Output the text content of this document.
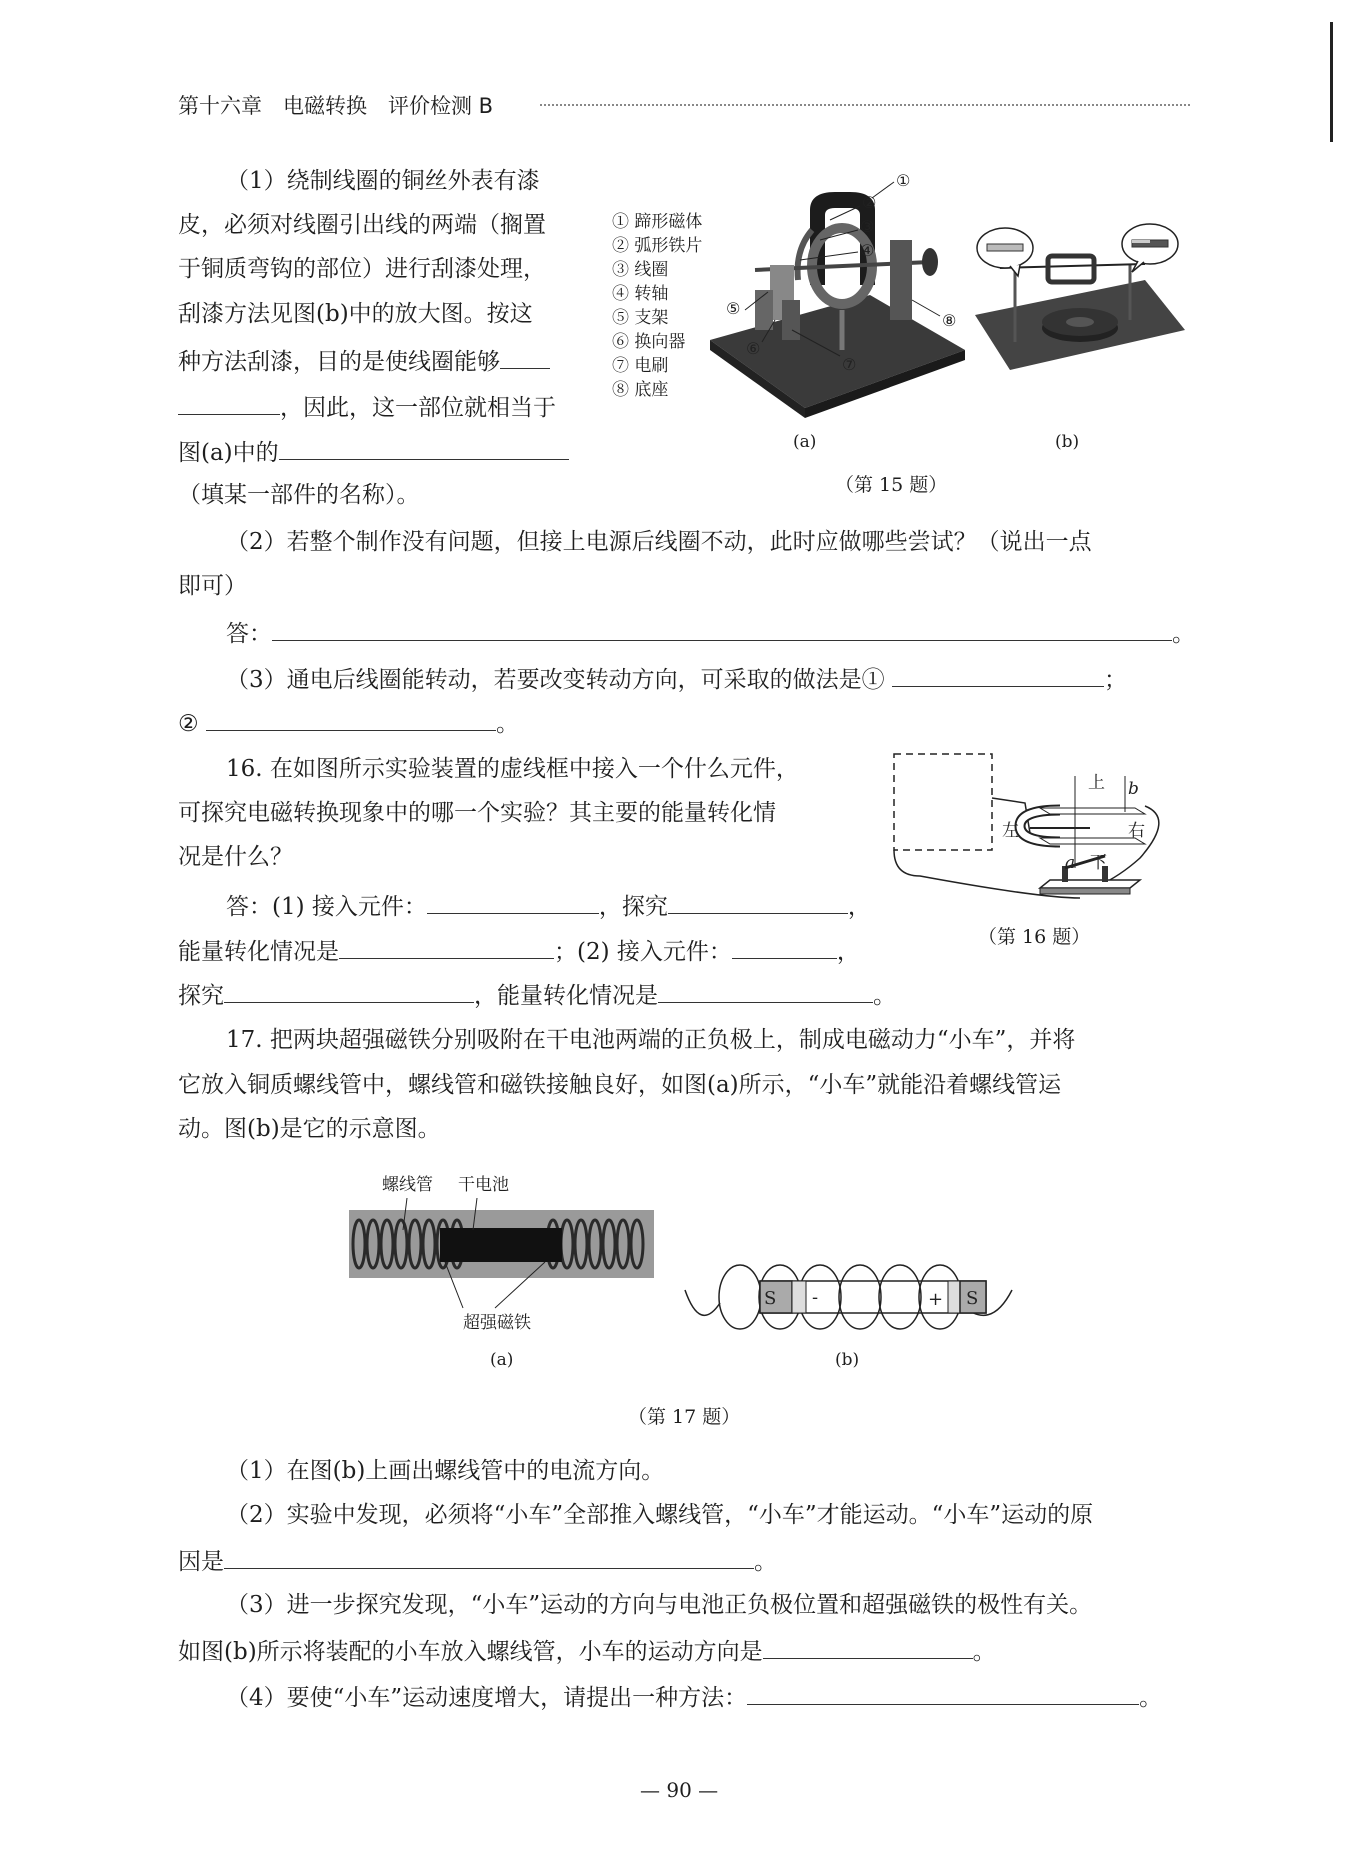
第十六章　电磁转换　评价检测 B
（1）绕制线圈的铜丝外表有漆
皮，必须对线圈引出线的两端（搁置
于铜质弯钩的部位）进行刮漆处理，
刮漆方法见图(b)中的放大图。按这
种方法刮漆，目的是使线圈能够
，因此，这一部位就相当于
图(a)中的
（填某一部件的名称）。
① 蹄形磁体
② 弧形铁片
③ 线圈
④ 转轴
⑤ 支架
⑥ 换向器
⑦ 电刷
⑧ 底座
①
②
③
④
⑤
⑥
⑦
⑧
(a)	(b)
（第 15 题）
（2）若整个制作没有问题，但接上电源后线圈不动，此时应做哪些尝试？（说出一点
即可）
答：	。
（3）通电后线圈能转动，若要改变转动方向，可采取的做法是①	；
②	。
16. 在如图所示实验装置的虚线框中接入一个什么元件，
可探究电磁转换现象中的哪一个实验？其主要的能量转化情
况是什么？
答：(1) 接入元件：	，探究	，
能量转化情况是	；(2) 接入元件：	，
探究	，能量转化情况是	。
上
左	右
下
a
b
（第 16 题）
17. 把两块超强磁铁分别吸附在干电池两端的正负极上，制成电磁动力“小车”，并将
它放入铜质螺线管中，螺线管和磁铁接触良好，如图(a)所示，“小车”就能沿着螺线管运
动。图(b)是它的示意图。
螺线管 干电池
超强磁铁
(a)
S -	+ S
(b)
（第 17 题）
（1）在图(b)上画出螺线管中的电流方向。
（2）实验中发现，必须将“小车”全部推入螺线管，“小车”才能运动。“小车”运动的原
因是	。
（3）进一步探究发现，“小车”运动的方向与电池正负极位置和超强磁铁的极性有关。
如图(b)所示将装配的小车放入螺线管，小车的运动方向是	。
（4）要使“小车”运动速度增大，请提出一种方法：	。
— 90 —
